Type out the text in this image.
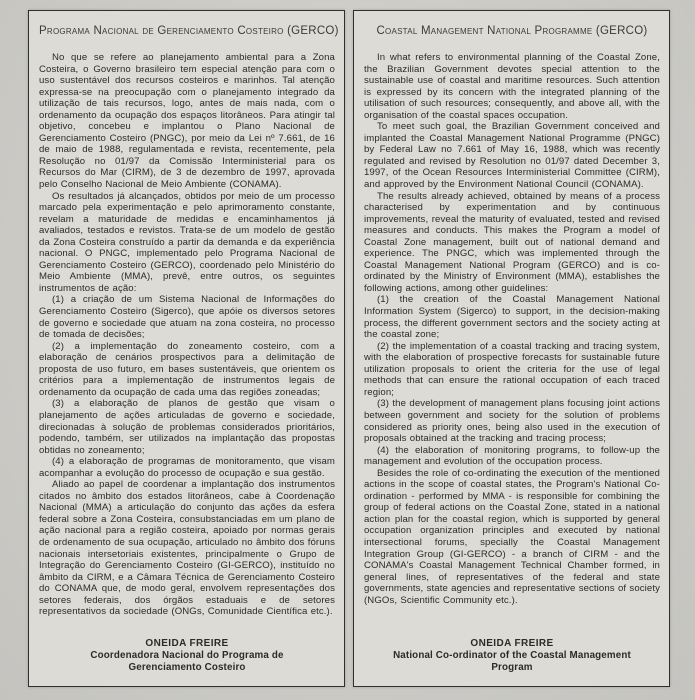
Programa Nacional de Gerenciamento Costeiro (GERCO)

No que se refere ao planejamento ambiental para a Zona Costeira, o Governo brasileiro tem especial atenção para com o uso sustentável dos recursos costeiros e marinhos. Tal atenção expressa-se na preocupação com o planejamento integrado da utilização de tais recursos, logo, antes de mais nada, com o ordenamento da ocupação dos espaços litorâneos. Para atingir tal objetivo, concebeu e implantou o Plano Nacional de Gerenciamento Costeiro (PNGC), por meio da Lei nº 7.661, de 16 de maio de 1988, regulamentada e revista, recentemente, pela Resolução no 01/97 da Comissão Interministerial para os Recursos do Mar (CIRM), de 3 de dezembro de 1997, aprovada pelo Conselho Nacional de Meio Ambiente (CONAMA).

Os resultados já alcançados, obtidos por meio de um processo marcado pela experimentação e pelo aprimoramento constante, revelam a maturidade de medidas e encaminhamentos já avaliados, testados e revistos. Trata-se de um modelo de gestão da Zona Costeira construído a partir da demanda e da experiência nacional. O PNGC, implementado pelo Programa Nacional de Gerenciamento Costeiro (GERCO), coordenado pelo Ministério do Meio Ambiente (MMA), prevê, entre outros, os seguintes instrumentos de ação:

(1) a criação de um Sistema Nacional de Informações do Gerenciamento Costeiro (Sigerco), que apóie os diversos setores de governo e sociedade que atuam na zona costeira, no processo de tomada de decisões;

(2) a implementação do zoneamento costeiro, com a elaboração de cenários prospectivos para a delimitação de proposta de uso futuro, em bases sustentáveis, que orientem os critérios para a implementação de instrumentos legais de ordenamento da ocupação de cada uma das regiões zoneadas;

(3) a elaboração de planos de gestão que visam o planejamento de ações articuladas de governo e sociedade, direcionadas à solução de problemas considerados prioritários, podendo, também, ser utilizados na implantação das propostas obtidas no zoneamento;

(4) a elaboração de programas de monitoramento, que visam acompanhar a evolução do processo de ocupação e sua gestão.

Aliado ao papel de coordenar a implantação dos instrumentos citados no âmbito dos estados litorâneos, cabe à Coordenação Nacional (MMA) a articulação do conjunto das ações da esfera federal sobre a Zona Costeira, consubstanciadas em um plano de ação nacional para a região costeira, apoiado por normas gerais de ordenamento de sua ocupação, articulado no âmbito dos fóruns nacionais intersetoriais existentes, principalmente o Grupo de Integração do Gerenciamento Costeiro (GI-GERCO), instituído no âmbito da CIRM, e a Câmara Técnica de Gerenciamento Costeiro do CONAMA que, de modo geral, envolvem representações dos setores federais, dos órgãos estaduais e de setores representativos da sociedade (ONGs, Comunidade Científica etc.).

ONEIDA FREIRE
Coordenadora Nacional do Programa de Gerenciamento Costeiro
Coastal Management National Programme (GERCO)

In what refers to environmental planning of the Coastal Zone, the Brazilian Government devotes special attention to the sustainable use of coastal and maritime resources. Such attention is expressed by its concern with the integrated planning of the utilisation of such resources; consequently, and above all, with the organisation of the coastal spaces occupation.

To meet such goal, the Brazilian Government conceived and implanted the Coastal Management National Programme (PNGC) by Federal Law no 7.661 of May 16, 1988, which was recently regulated and revised by Resolution no 01/97 dated December 3, 1997, of the Ocean Resources Interministerial Committee (CIRM), and approved by the Environment National Council (CONAMA).

The results already achieved, obtained by means of a process characterised by experimentation and by continuous improvements, reveal the maturity of evaluated, tested and revised measures and conducts. This makes the Program a model of Coastal Zone management, built out of national demand and experience. The PNGC, which was implemented through the Coastal Management National Program (GERCO) and is co-ordinated by the Ministry of Environment (MMA), establishes the following actions, among other guidelines:

(1) the creation of the Coastal Management National Information System (Sigerco) to support, in the decision-making process, the different government sectors and the society acting at the coastal zone;

(2) the implementation of a coastal tracking and tracing system, with the elaboration of prospective forecasts for sustainable future utilization proposals to orient the criteria for the use of legal methods that can ensure the rational occupation of each traced region;

(3) the development of management plans focusing joint actions between government and society for the solution of problems considered as priority ones, being also used in the execution of proposals obtained at the tracking and tracing process;

(4) the elaboration of monitoring programs, to follow-up the management and evolution of the occupation process.

Besides the role of co-ordinating the execution of the mentioned actions in the scope of coastal states, the Program's National Co-ordination - performed by MMA - is responsible for combining the group of federal actions on the Coastal Zone, stated in a national action plan for the coastal region, which is supported by general occupation organization principles and executed by national intersectional forums, specially the Coastal Management Integration Group (GI-GERCO) - a branch of CIRM - and the CONAMA's Coastal Management Technical Chamber formed, in general lines, of representatives of the federal and state governments, state agencies and representative sections of society (NGOs, Scientific Community etc.).

ONEIDA FREIRE
National Co-ordinator of the Coastal Management Program
